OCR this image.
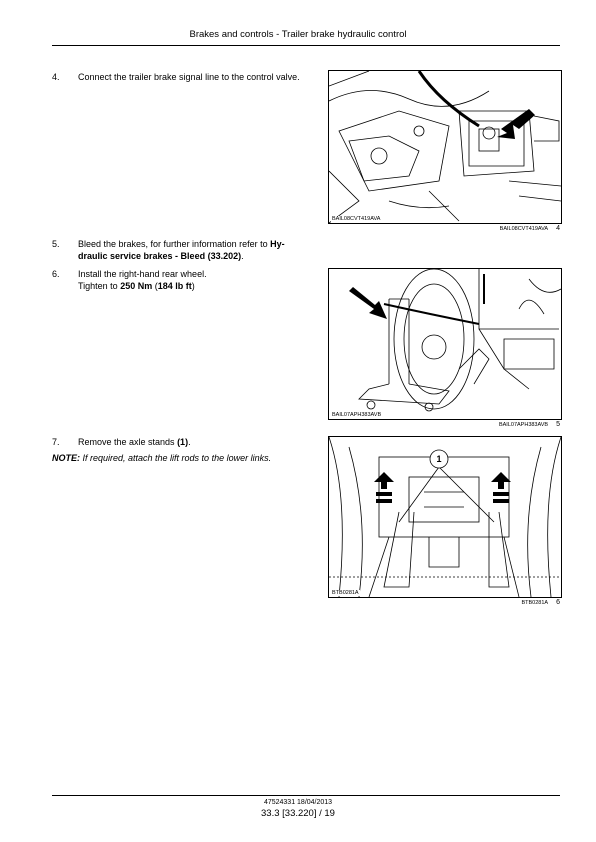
Brakes and controls - Trailer brake hydraulic control
4. Connect the trailer brake signal line to the control valve.
BAIL08CVT419AVA
BAIL08CVT419AVA 4
5. Bleed the brakes, for further information refer to Hy-draulic service brakes - Bleed (33.202).
6. Install the right-hand rear wheel.
Tighten to 250 Nm (184 lb ft)
BAIL07APH383AVB
BAIL07APH383AVB 5
7. Remove the axle stands (1).
NOTE: If required, attach the lift rods to the lower links.	1
BTB0281A
BTB0281A 6
47524331 18/04/2013
33.3 [33.220] / 19
